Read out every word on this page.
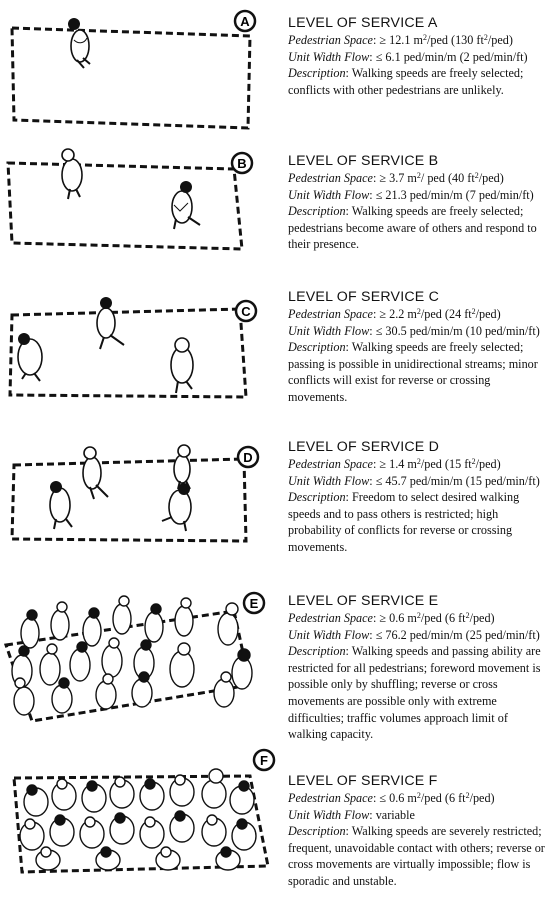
A	LEVEL OF SERVICE A

Pedestrian Space: ≥ 12.1 $m^2$/ped (130 $ft^2/ped$)

Unit Width Flow: ≤ 6.1 ped/min/m (2 ped/min/ft)

Description: Walking speeds are freely selected; conflicts with other pedestrians are unlikely.

B	LEVEL OF SERVICE B

Pedestrian Space: ≥ 3.7 $m^2/$ ped (40 $ft^2/ped$)

Unit Width Flow: ≤ 21.3 ped/min/m (7 ped/min/ft)

Description: Walking speeds are freely selected; pedestrians become aware of others and respond to their presence.

C

LEVEL OF SERVICE C

Pedestrian Space: ≥ 2.2 $m^2$/ped (24 $ft^2/ped$)

Unit Width Flow: ≤ 30.5 ped/min/m (10 ped/min/ft)

Description: Walking speeds are freely selected; passing is possible in unidirectional streams; minor conflicts will exist for reverse or crossing movements.

D

LEVEL OF SERVICE D

Pedestrian Space: ≥ 1.4 $m^2$/ped (15 $ft^2/ped$)

Unit Width Flow: ≤ 45.7 ped/min/m (15 ped/min/ft)

Description: Freedom to select desired walking speeds and to pass others is restricted; high probability of conflicts for reverse or crossing movements.

E LEVEL OF SERVICE E

Pedestrian Space: ≥ 0.6 $m^2$/ped (6 $ft^2/ped$)

Unit Width Flow: ≤ 76.2 ped/min/m (25 ped/min/ft)

Description: Walking speeds and passing ability are restricted for all pedestrians; foreword movement is possible only by shuffling; reverse or cross movements are possible only with extreme difficulties; traffic volumes approach limit of walking capacity.

F

LEVEL OF SERVICE F

Pedestrian Space: ≤ 0.6 $m^2$/ped (6 $ft^2/ped$)

Unit Width Flow: variable

Description: Walking speeds are severely restricted; frequent, unavoidable contact with others; reverse or cross movements are virtually impossible; flow is sporadic and unstable.
